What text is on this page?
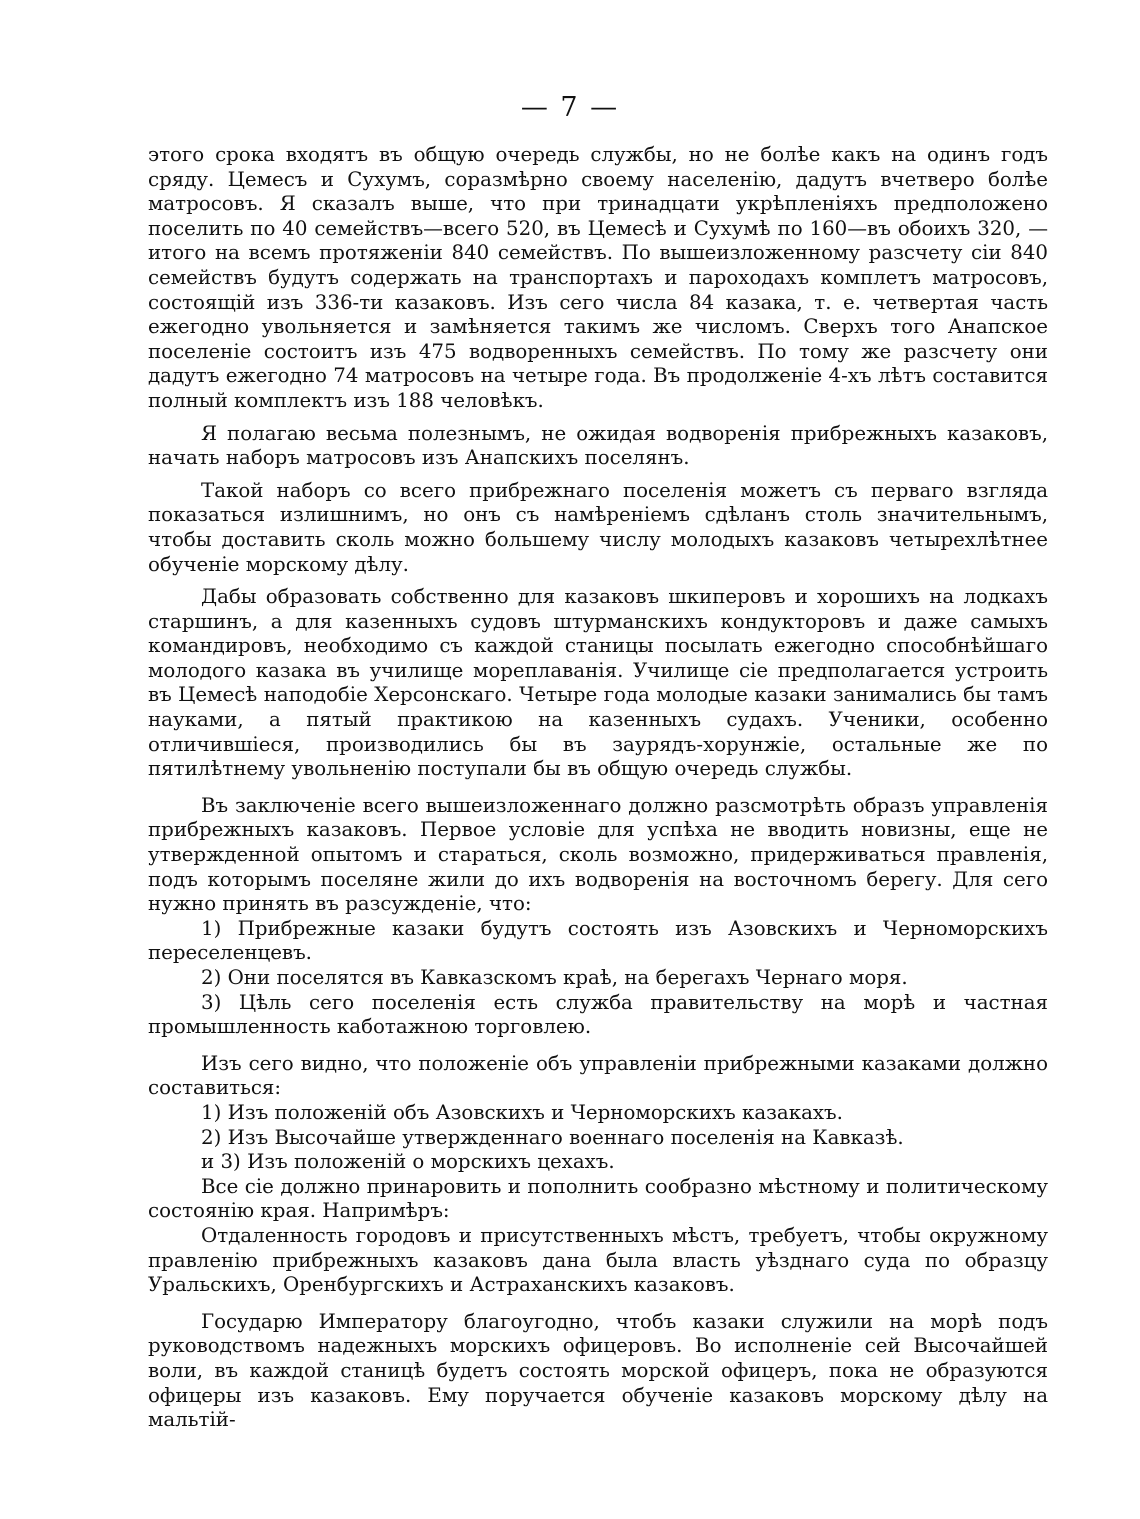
— 7 —

этого срока входятъ въ общую очередь службы, но не болѣе какъ на одинъ годъ сряду. Цемесъ и Сухумъ, соразмѣрно своему населенію, дадутъ вчетверо болѣе матросовъ. Я сказалъ выше, что при тринадцати укрѣпленіяхъ предположено поселить по 40 семействъ—всего 520, въ Цемесѣ и Сухумѣ по 160—въ обоихъ 320, —итого на всемъ протяженіи 840 семействъ. По вышеизложенному разсчету сіи 840 семействъ будутъ содержать на транспортахъ и пароходахъ комплетъ матросовъ, состоящій изъ 336-ти казаковъ. Изъ сего числа 84 казака, т. е. четвертая часть ежегодно увольняется и замѣняется такимъ же числомъ. Сверхъ того Анапское поселеніе состоитъ изъ 475 водворенныхъ семействъ. По тому же разсчету они дадутъ ежегодно 74 матросовъ на четыре года. Въ продолженіе 4-хъ лѣтъ составится полный комплектъ изъ 188 человѣкъ.

Я полагаю весьма полезнымъ, не ожидая водворенія прибрежныхъ казаковъ, начать наборъ матросовъ изъ Анапскихъ поселянъ.

Такой наборъ со всего прибрежнаго поселенія можетъ съ перваго взгляда показаться излишнимъ, но онъ съ намѣреніемъ сдѣланъ столь значительнымъ, чтобы доставить сколь можно большему числу молодыхъ казаковъ четырехлѣтнее обученіе морскому дѣлу.

Дабы образовать собственно для казаковъ шкиперовъ и хорошихъ на лодкахъ старшинъ, а для казенныхъ судовъ штурманскихъ кондукторовъ и даже самыхъ командировъ, необходимо съ каждой станицы посылать ежегодно способнѣйшаго молодого казака въ училище мореплаванія. Училище сіе предполагается устроить въ Цемесѣ наподобіе Херсонскаго. Четыре года молодые казаки занимались бы тамъ науками, а пятый практикою на казенныхъ судахъ. Ученики, особенно отличившіеся, производились бы въ заурядъ-хорунжіе, остальные же по пятилѣтнему увольненію поступали бы въ общую очередь службы.

Въ заключеніе всего вышеизложеннаго должно разсмотрѣть образъ управленія прибрежныхъ казаковъ. Первое условіе для успѣха не вводить новизны, еще не утвержденной опытомъ и стараться, сколь возможно, придерживаться правленія, подъ которымъ поселяне жили до ихъ водворенія на восточномъ берегу. Для сего нужно принять въ разсужденіе, что:

1) Прибрежные казаки будутъ состоять изъ Азовскихъ и Черноморскихъ переселенцевъ.
2) Они поселятся въ Кавказскомъ краѣ, на берегахъ Чернаго моря.
3) Цѣль сего поселенія есть служба правительству на морѣ и частная промышленность каботажною торговлею.

Изъ сего видно, что положеніе объ управленіи прибрежными казаками должно составиться:

1) Изъ положеній объ Азовскихъ и Черноморскихъ казакахъ.
2) Изъ Высочайше утвержденнаго военнаго поселенія на Кавказѣ.
и 3) Изъ положеній о морскихъ цехахъ.

Все сіе должно принаровить и пополнить сообразно мѣстному и политическому состоянію края. Напримѣръ:

Отдаленность городовъ и присутственныхъ мѣстъ, требуетъ, чтобы окружному правленію прибрежныхъ казаковъ дана была власть уѣзднаго суда по образцу Уральскихъ, Оренбургскихъ и Астраханскихъ казаковъ.

Государю Императору благоугодно, чтобъ казаки служили на морѣ подъ руководствомъ надежныхъ морскихъ офицеровъ. Во исполненіе сей Высочайшей воли, въ каждой станицѣ будетъ состоять морской офицеръ, пока не образуются офицеры изъ казаковъ. Ему поручается обученіе казаковъ морскому дѣлу на мальтій-
